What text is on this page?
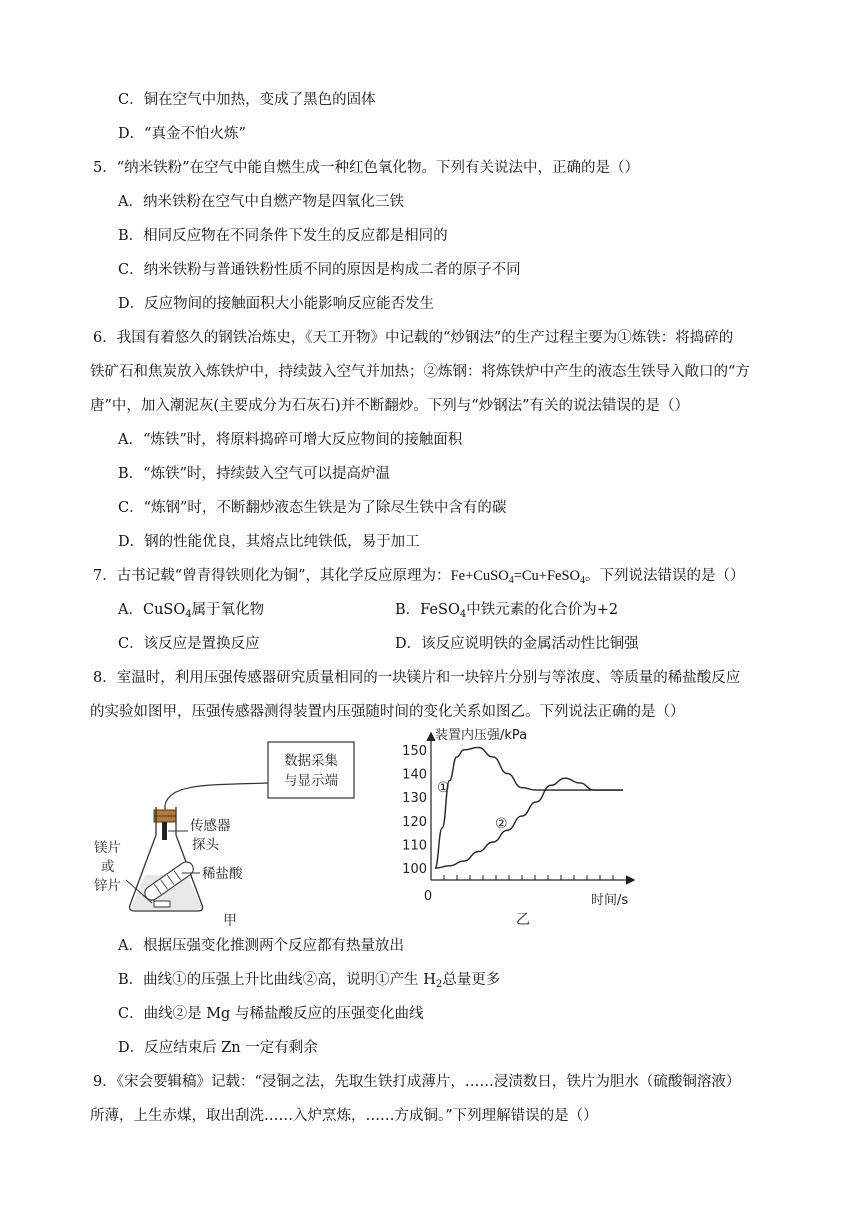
C．铜在空气中加热，变成了黑色的固体
D．“真金不怕火炼”
5．“纳米铁粉”在空气中能自燃生成一种红色氧化物。下列有关说法中，正确的是（）
A．纳米铁粉在空气中自燃产物是四氧化三铁
B．相同反应物在不同条件下发生的反应都是相同的
C．纳米铁粉与普通铁粉性质不同的原因是构成二者的原子不同
D．反应物间的接触面积大小能影响反应能否发生
6．我国有着悠久的钢铁冶炼史，《天工开物》中记载的“炒钢法”的生产过程主要为①炼铁：将捣碎的
铁矿石和焦炭放入炼铁炉中，持续鼓入空气并加热；②炼钢：将炼铁炉中产生的液态生铁导入敞口的“方
唐”中，加入潮泥灰(主要成分为石灰石)并不断翻炒。下列与“炒钢法”有关的说法错误的是（）
A．“炼铁”时，将原料捣碎可增大反应物间的接触面积
B．“炼铁”时，持续鼓入空气可以提高炉温
C．“炼钢”时，不断翻炒液态生铁是为了除尽生铁中含有的碳
D．钢的性能优良，其熔点比纯铁低，易于加工
7．古书记载“曾青得铁则化为铜”，其化学反应原理为：Fe+CuSO$_4$=Cu+FeSO$_4$。下列说法错误的是（）
A．CuSO$_4$属于氧化物	B．FeSO$_4$中铁元素的化合价为+2
C．该反应是置换反应	D．该反应说明铁的金属活动性比铜强
8．室温时，利用压强传感器研究质量相同的一块镁片和一块锌片分别与等浓度、等质量的稀盐酸反应
的实验如图甲，压强传感器测得装置内压强随时间的变化关系如图乙。下列说法正确的是（）
数据采集
与显示端
传感器
探头
镁片
或
锌片
稀盐酸
甲
装置内压强/kPa
时间/s
0
100
110
120
130
140
150
①
②
乙
A．根据压强变化推测两个反应都有热量放出
B．曲线①的压强上升比曲线②高，说明①产生 $H_2$总量更多
C．曲线②是 Mg 与稀盐酸反应的压强变化曲线
D．反应结束后 Zn 一定有剩余
9．《宋会要辑稿》记载：“浸铜之法，先取生铁打成薄片，……浸渍数日，铁片为胆水（硫酸铜溶液）
所薄，上生赤煤，取出刮洗……入炉烹炼，……方成铜。”下列理解错误的是（）
